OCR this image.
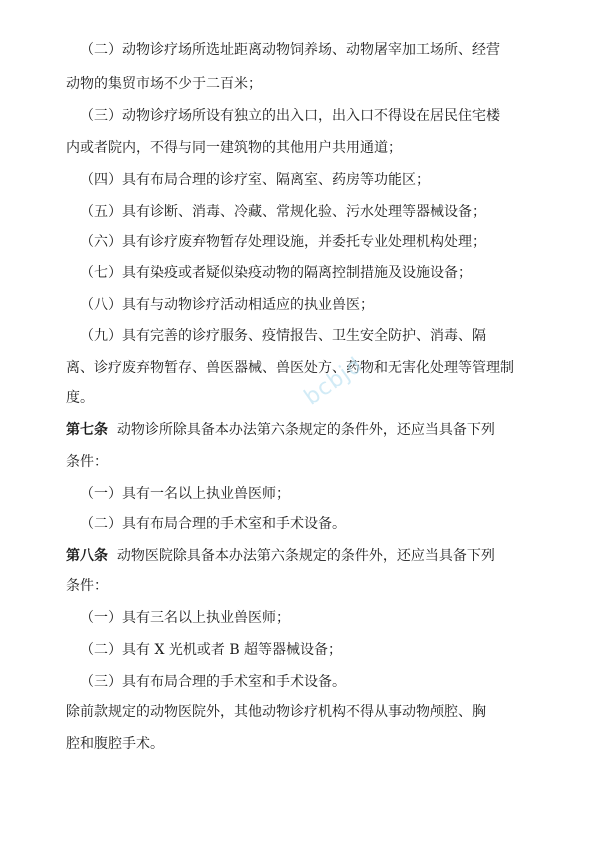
（二）动物诊疗场所选址距离动物饲养场、动物屠宰加工场所、经营
动物的集贸市场不少于二百米；
（三）动物诊疗场所设有独立的出入口，出入口不得设在居民住宅楼
内或者院内，不得与同一建筑物的其他用户共用通道；
（四）具有布局合理的诊疗室、隔离室、药房等功能区；
（五）具有诊断、消毒、冷藏、常规化验、污水处理等器械设备；
（六）具有诊疗废弃物暂存处理设施，并委托专业处理机构处理；
（七）具有染疫或者疑似染疫动物的隔离控制措施及设施设备；
（八）具有与动物诊疗活动相适应的执业兽医；
（九）具有完善的诊疗服务、疫情报告、卫生安全防护、消毒、隔
离、诊疗废弃物暂存、兽医器械、兽医处方、药物和无害化处理等管理制
度。
第七条 动物诊所除具备本办法第六条规定的条件外，还应当具备下列
条件：
（一）具有一名以上执业兽医师；
（二）具有布局合理的手术室和手术设备。
第八条 动物医院除具备本办法第六条规定的条件外，还应当具备下列
条件：
（一）具有三名以上执业兽医师；
（二）具有 X 光机或者 B 超等器械设备；
（三）具有布局合理的手术室和手术设备。
除前款规定的动物医院外，其他动物诊疗机构不得从事动物颅腔、胸
腔和腹腔手术。
bcbjd
